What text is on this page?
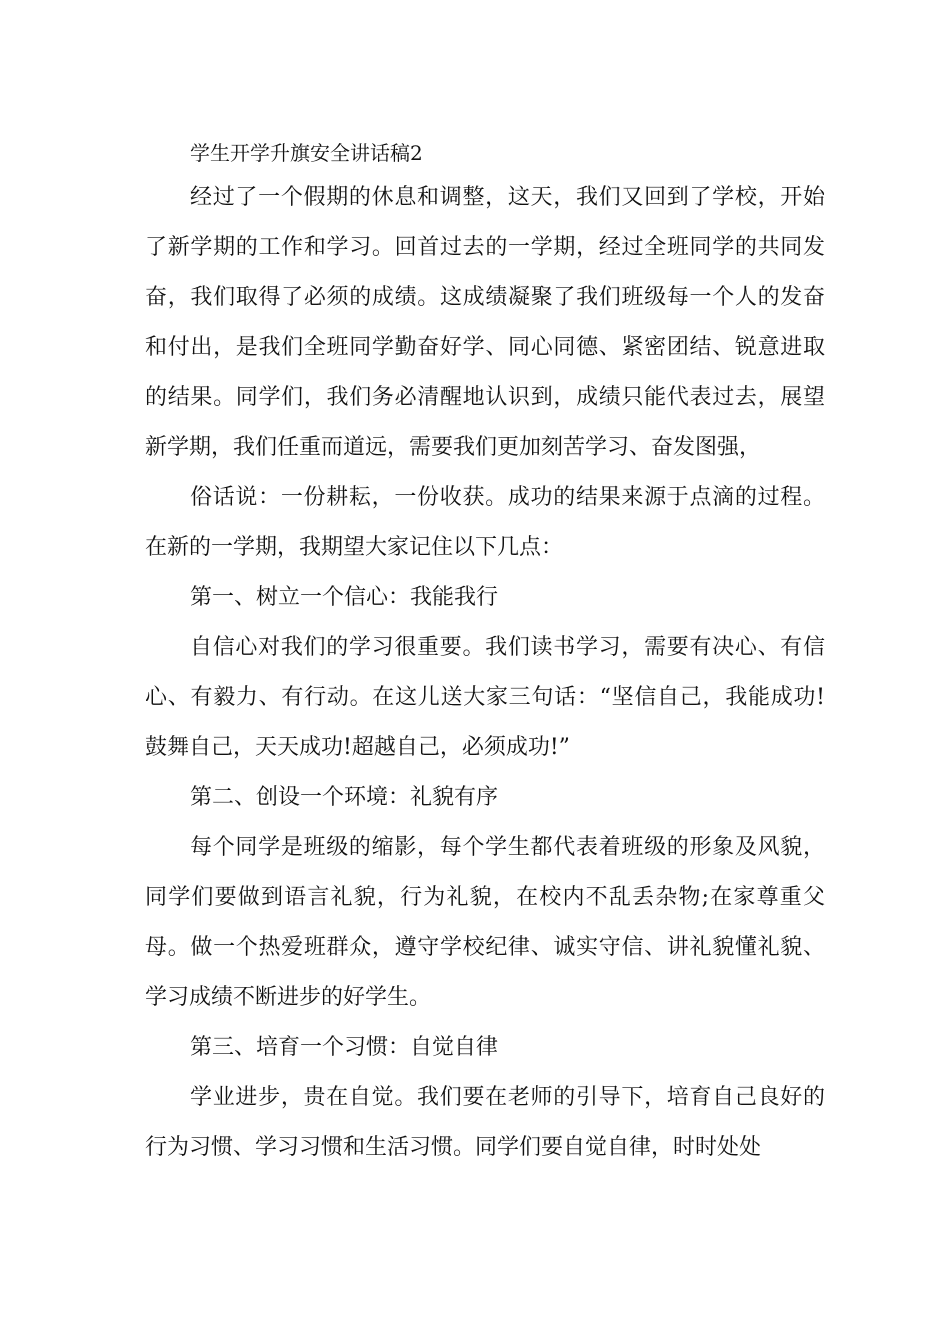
学生开学升旗安全讲话稿2

经过了一个假期的休息和调整，这天，我们又回到了学校，开始了新学期的工作和学习。回首过去的一学期，经过全班同学的共同发奋，我们取得了必须的成绩。这成绩凝聚了我们班级每一个人的发奋和付出，是我们全班同学勤奋好学、同心同德、紧密团结、锐意进取的结果。同学们，我们务必清醒地认识到，成绩只能代表过去，展望新学期，我们任重而道远，需要我们更加刻苦学习、奋发图强，

俗话说：一份耕耘，一份收获。成功的结果来源于点滴的过程。在新的一学期，我期望大家记住以下几点：

第一、树立一个信心：我能我行

自信心对我们的学习很重要。我们读书学习，需要有决心、有信心、有毅力、有行动。在这儿送大家三句话：“坚信自己，我能成功!鼓舞自己，天天成功!超越自己，必须成功!”

第二、创设一个环境：礼貌有序

每个同学是班级的缩影，每个学生都代表着班级的形象及风貌，同学们要做到语言礼貌，行为礼貌，在校内不乱丢杂物;在家尊重父母。做一个热爱班群众，遵守学校纪律、诚实守信、讲礼貌懂礼貌、学习成绩不断进步的好学生。

第三、培育一个习惯：自觉自律

学业进步，贵在自觉。我们要在老师的引导下，培育自己良好的行为习惯、学习习惯和生活习惯。同学们要自觉自律，时时处处
